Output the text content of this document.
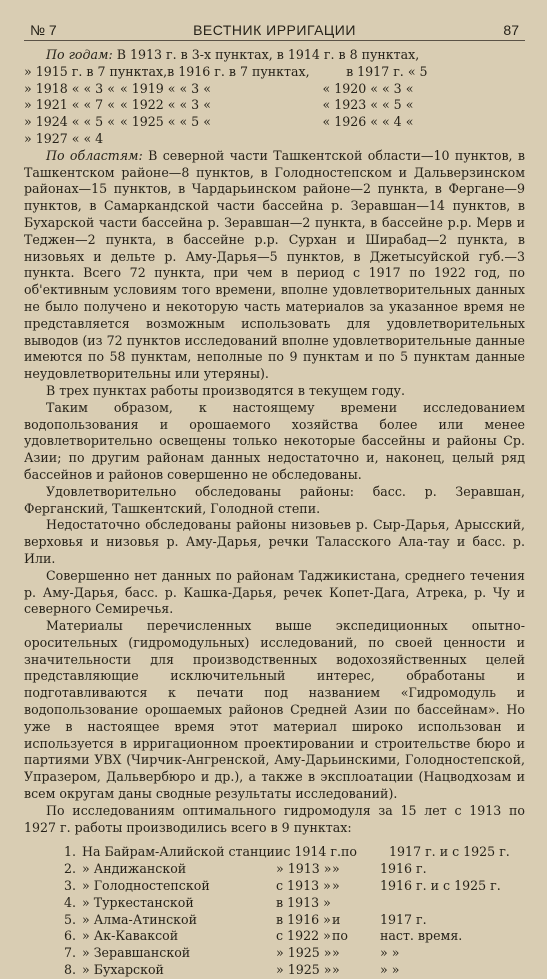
№ 7	ВЕСТНИК ИРРИГАЦИИ	87

По годам: В 1913 г. в 3-х пунктах, в 1914 г. в 8 пунктах,

» 1915 г. в 7 пунктах, в 1916 г. в 7 пунктах,	в 1917 г. « 5
» 1918 « « 3 « « 1919 « « 3 «	« 1920 « « 3 «
» 1921 « « 7 « « 1922 « « 3 «	« 1923 « « 5 «
» 1924 « « 5 « « 1925 « « 5 «	« 1926 « « 4 «
» 1927 « « 4

По областям: В северной части Ташкентской области—10 пунктов, в Ташкентском районе—8 пунктов, в Голодностепском и Дальверзинском районах—15 пунктов, в Чардарьинском районе—2 пункта, в Фергане—9 пунктов, в Самаркандской части бассейна р. Зеравшан—14 пунктов, в Бухарской части бассейна р. Зеравшан—2 пункта, в бассейне р.р. Мерв и Теджен—2 пункта, в бассейне р.р. Сурхан и Ширабад—2 пункта, в низовьях и дельте р. Аму-Дарья—5 пунктов, в Джетысуйской губ.—3 пункта. Всего 72 пункта, при чем в период с 1917 по 1922 год, по об'ективным условиям того времени, вполне удовлетворительных данных не было получено и некоторую часть материалов за указанное время не представляется возможным использовать для удовлетворительных выводов (из 72 пунктов исследований вполне удовлетворительные данные имеются по 58 пунктам, неполные по 9 пунктам и по 5 пунктам данные неудовлетворительны или утеряны).

В трех пунктах работы производятся в текущем году.

Таким образом, к настоящему времени исследованием водопользования и орошаемого хозяйства более или менее удовлетворительно освещены только некоторые бассейны и районы Ср. Азии; по другим районам данных недостаточно и, наконец, целый ряд бассейнов и районов совершенно не обследованы.

Удовлетворительно обследованы районы: басс. р. Зеравшан, Ферганский, Ташкентский, Голодной степи.

Недостаточно обследованы районы низовьев р. Сыр-Дарья, Арысский, верховья и низовья р. Аму-Дарья, речки Таласского Ала-тау и басс. р. Или.

Совершенно нет данных по районам Таджикистана, среднего течения р. Аму-Дарья, басс. р. Кашка-Дарья, речек Копет-Дага, Атрека, р. Чу и северного Семиречья.

Материалы перечисленных выше экспедиционных опытно-оросительных (гидромодульных) исследований, по своей ценности и значительности для производственных водохозяйственных целей представляющие исключительный интерес, обработаны и подготавливаются к печати под названием «Гидромодуль и водопользование орошаемых районов Средней Азии по бассейнам». Но уже в настоящее время этот материал широко использован и используется в ирригационном проектировании и строительстве бюро и партиями УВХ (Чирчик-Ангренской, Аму-Дарьинскими, Голодностепской, Упразером, Дальвербюро и др.), а также в эксплоатации (Нацводхозам и всем округам даны сводные результаты исследований).

По исследованиям оптимального гидромодуля за 15 лет с 1913 по 1927 г. работы производились всего в 9 пунктах:

1. На Байрам-Алийской станции с 1914 г. по	1917 г. и с 1925 г.
2. » Андижанской	» 1913 » »	1916 г.
3. » Голодностепской	с 1913 » »	1916 г. и с 1925 г.
4. » Туркестанской	в 1913 »
5. » Алма-Атинской	в 1916 » и	1917 г.
6. » Ак-Каваксой	с 1922 » по	наст. время.
7. » Зеравшанской	» 1925 » »	» »
8. » Бухарской	» 1925 » »	» »
